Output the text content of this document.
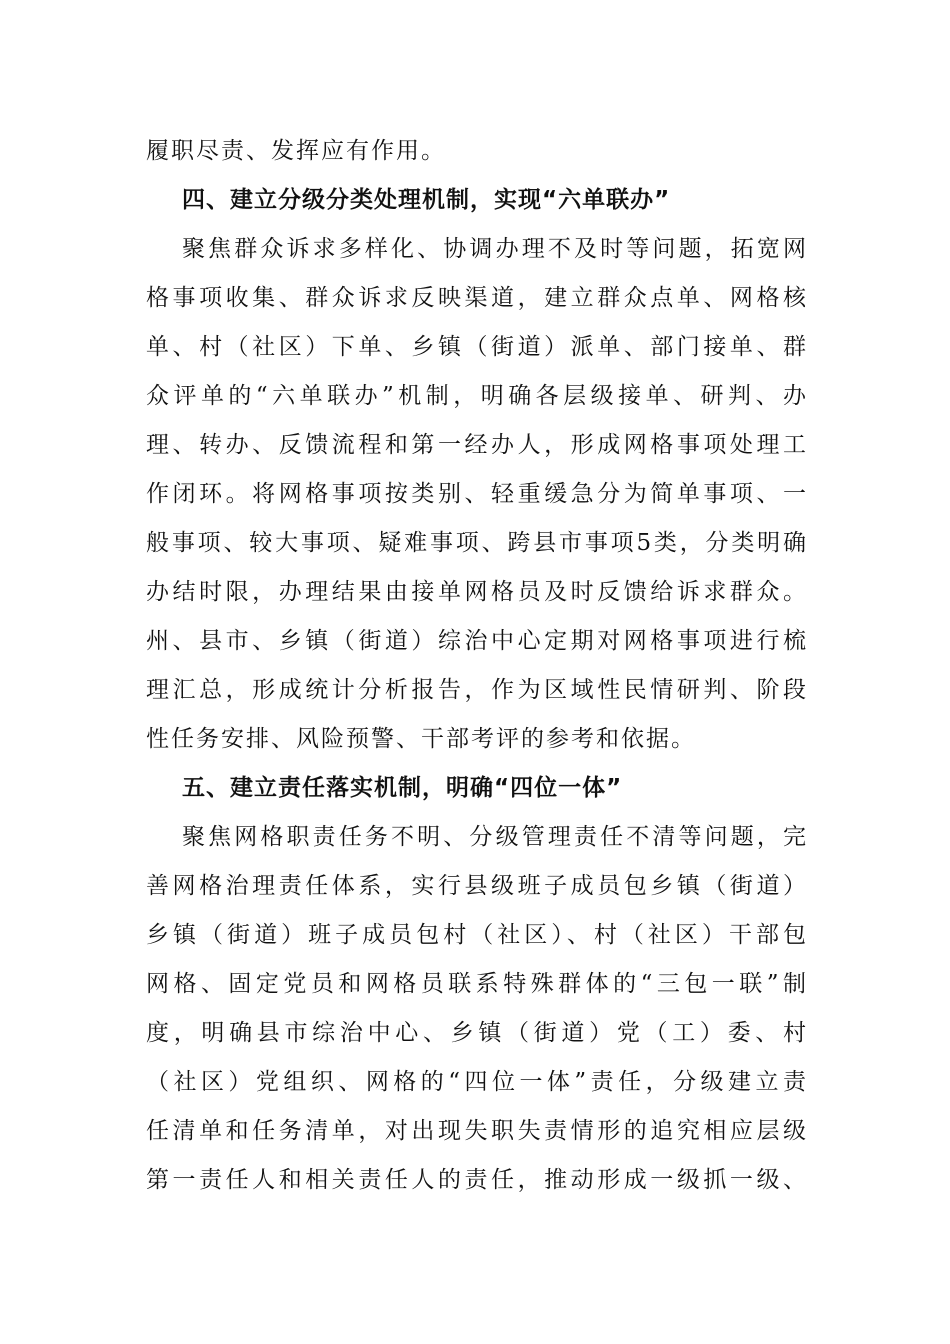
履职尽责、发挥应有作用。
四、建立分级分类处理机制，实现“六单联办”
聚焦群众诉求多样化、协调办理不及时等问题，拓宽网
格事项收集、群众诉求反映渠道，建立群众点单、网格核
单、村（社区）下单、乡镇（街道）派单、部门接单、群
众评单的“六单联办”机制，明确各层级接单、研判、办
理、转办、反馈流程和第一经办人，形成网格事项处理工
作闭环。将网格事项按类别、轻重缓急分为简单事项、一
般事项、较大事项、疑难事项、跨县市事项5类，分类明确
办结时限，办理结果由接单网格员及时反馈给诉求群众。
州、县市、乡镇（街道）综治中心定期对网格事项进行梳
理汇总，形成统计分析报告，作为区域性民情研判、阶段
性任务安排、风险预警、干部考评的参考和依据。
五、建立责任落实机制，明确“四位一体”
聚焦网格职责任务不明、分级管理责任不清等问题，完
善网格治理责任体系，实行县级班子成员包乡镇（街道）
乡镇（街道）班子成员包村（社区）、村（社区）干部包
网格、固定党员和网格员联系特殊群体的“三包一联”制
度，明确县市综治中心、乡镇（街道）党（工）委、村
（社区）党组织、网格的“四位一体”责任，分级建立责
任清单和任务清单，对出现失职失责情形的追究相应层级
第一责任人和相关责任人的责任，推动形成一级抓一级、
